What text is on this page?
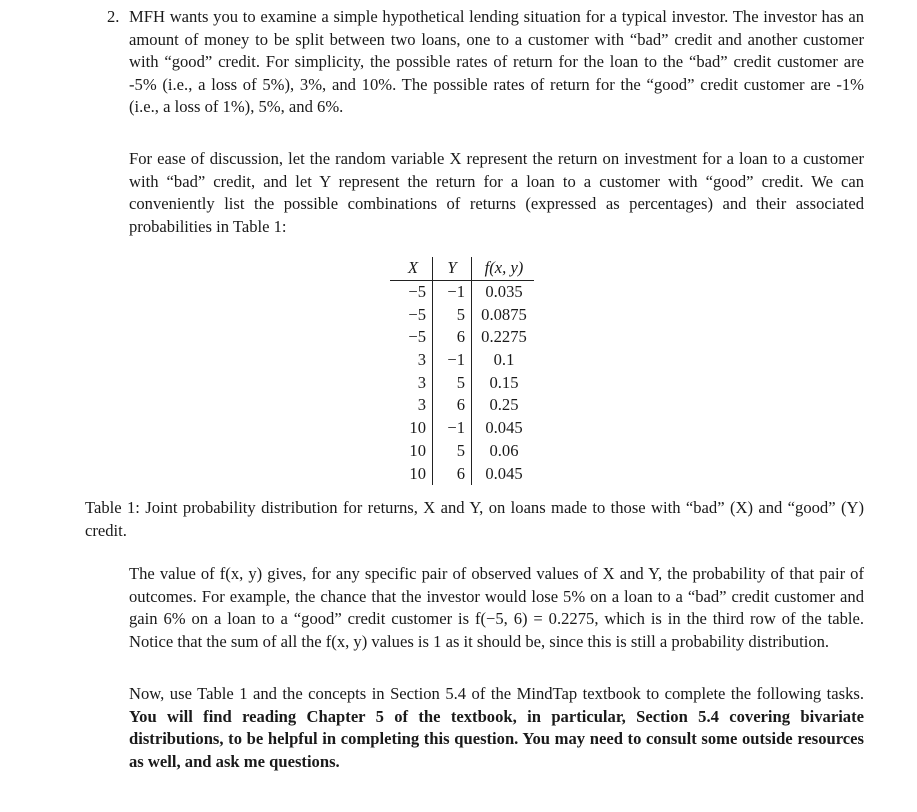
2. MFH wants you to examine a simple hypothetical lending situation for a typical investor. The investor has an amount of money to be split between two loans, one to a customer with “bad” credit and another customer with “good” credit. For simplicity, the possible rates of return for the loan to the “bad” credit customer are -5% (i.e., a loss of 5%), 3%, and 10%. The possible rates of return for the “good” credit customer are -1% (i.e., a loss of 1%), 5%, and 6%.
For ease of discussion, let the random variable X represent the return on investment for a loan to a customer with “bad” credit, and let Y represent the return for a loan to a customer with “good” credit. We can conveniently list the possible combinations of returns (expressed as percentages) and their associated probabilities in Table 1:
X	Y	f(x, y)
−5	−1	0.035
−5	5	0.0875
−5	6	0.2275
3	−1	0.1
3	5	0.15
3	6	0.25
10	−1	0.045
10	5	0.06
10	6	0.045
Table 1: Joint probability distribution for returns, X and Y, on loans made to those with “bad” (X) and “good” (Y) credit.
The value of f(x, y) gives, for any specific pair of observed values of X and Y, the probability of that pair of outcomes. For example, the chance that the investor would lose 5% on a loan to a “bad” credit customer and gain 6% on a loan to a “good” credit customer is f(−5, 6) = 0.2275, which is in the third row of the table. Notice that the sum of all the f(x, y) values is 1 as it should be, since this is still a probability distribution.
Now, use Table 1 and the concepts in Section 5.4 of the MindTap textbook to complete the following tasks. You will find reading Chapter 5 of the textbook, in particular, Section 5.4 covering bivariate distributions, to be helpful in completing this question. You may need to consult some outside resources as well, and ask me questions.
